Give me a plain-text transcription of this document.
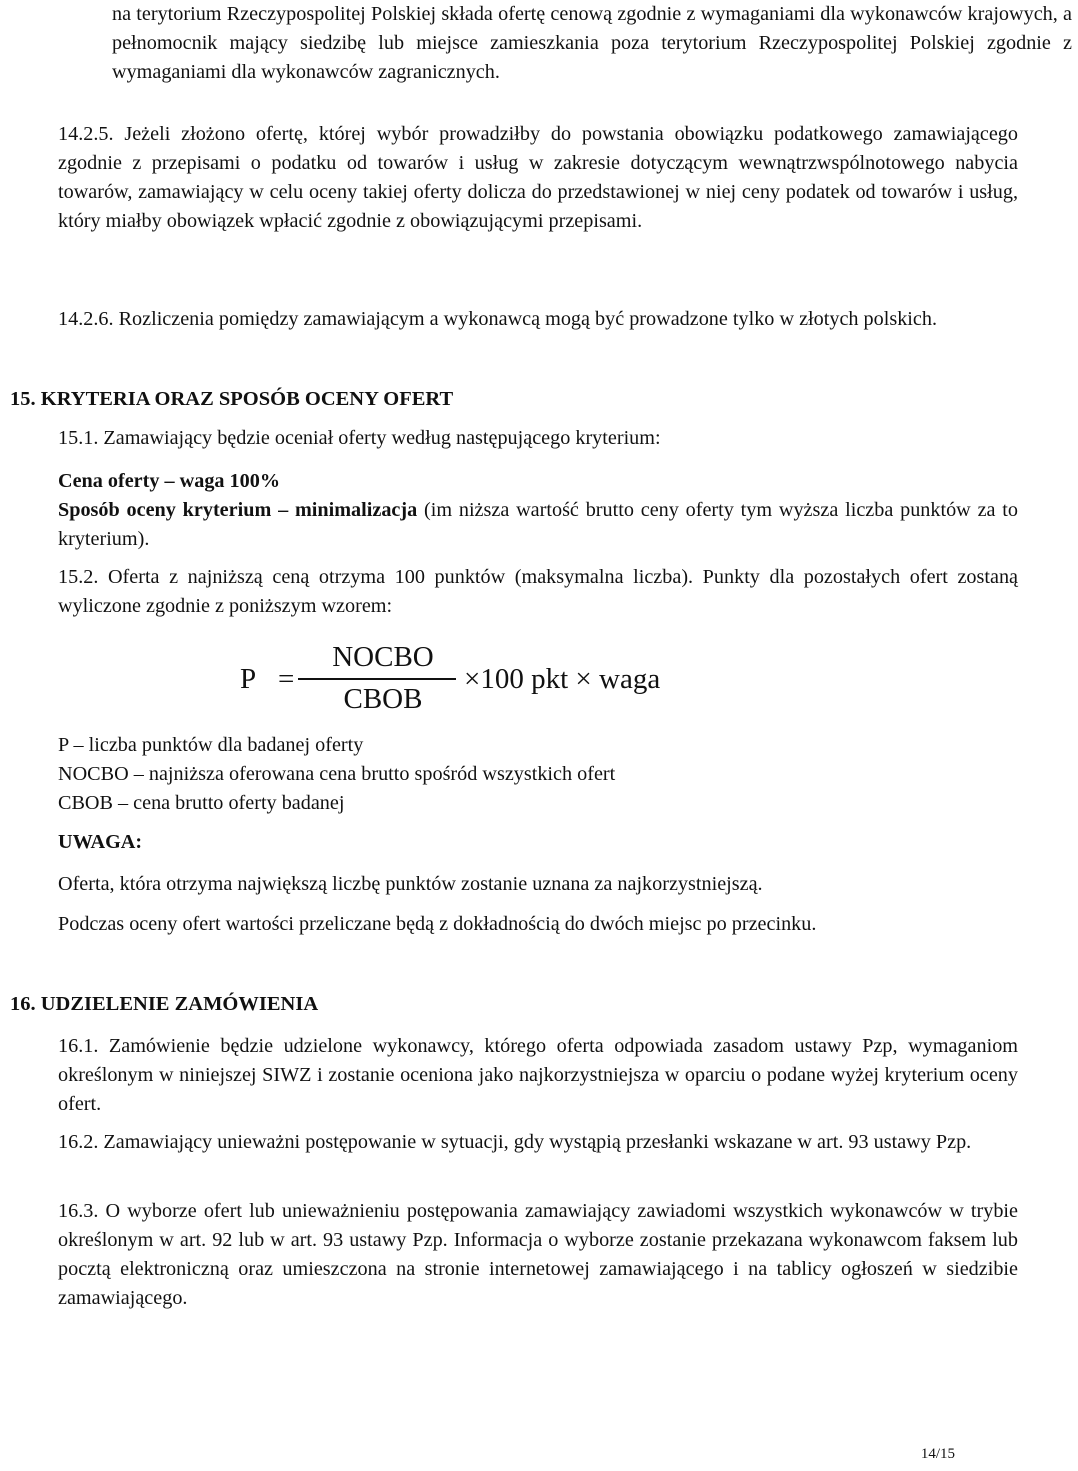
na terytorium Rzeczypospolitej Polskiej składa ofertę cenową zgodnie z wymaganiami dla wykonawców krajowych, a pełnomocnik mający siedzibę lub miejsce zamieszkania poza terytorium Rzeczypospolitej Polskiej zgodnie z wymaganiami dla wykonawców zagranicznych.

14.2.5. Jeżeli złożono ofertę, której wybór prowadziłby do powstania obowiązku podatkowego zamawiającego zgodnie z przepisami o podatku od towarów i usług w zakresie dotyczącym wewnątrzwspólnotowego nabycia towarów, zamawiający w celu oceny takiej oferty dolicza do przedstawionej w niej ceny podatek od towarów i usług, który miałby obowiązek wpłacić zgodnie z obowiązującymi przepisami.

14.2.6. Rozliczenia pomiędzy zamawiającym a wykonawcą mogą być prowadzone tylko w złotych polskich.

15. KRYTERIA ORAZ SPOSÓB OCENY OFERT

15.1. Zamawiający będzie oceniał oferty według następującego kryterium:

Cena oferty – waga 100%

Sposób oceny kryterium – minimalizacja (im niższa wartość brutto ceny oferty tym wyższa liczba punktów za to kryterium).

15.2. Oferta z najniższą ceną otrzyma 100 punktów (maksymalna liczba). Punkty dla pozostałych ofert zostaną wyliczone zgodnie z poniższym wzorem:

P =
NOCBO
CBOB
×100 pkt × waga

P – liczba punktów dla badanej oferty

NOCBO – najniższa oferowana cena brutto spośród wszystkich ofert

CBOB – cena brutto oferty badanej

UWAGA:

Oferta, która otrzyma największą liczbę punktów zostanie uznana za najkorzystniejszą.

Podczas oceny ofert wartości przeliczane będą z dokładnością do dwóch miejsc po przecinku.

16. UDZIELENIE ZAMÓWIENIA

16.1. Zamówienie będzie udzielone wykonawcy, którego oferta odpowiada zasadom ustawy Pzp, wymaganiom określonym w niniejszej SIWZ i zostanie oceniona jako najkorzystniejsza w oparciu o podane wyżej kryterium oceny ofert.

16.2. Zamawiający unieważni postępowanie w sytuacji, gdy wystąpią przesłanki wskazane w art. 93 ustawy Pzp.

16.3. O wyborze ofert lub unieważnieniu postępowania zamawiający zawiadomi wszystkich wykonawców w trybie określonym w art. 92 lub w art. 93 ustawy Pzp. Informacja o wyborze zostanie przekazana wykonawcom faksem lub pocztą elektroniczną oraz umieszczona na stronie internetowej zamawiającego i na tablicy ogłoszeń w siedzibie zamawiającego.

14/15
